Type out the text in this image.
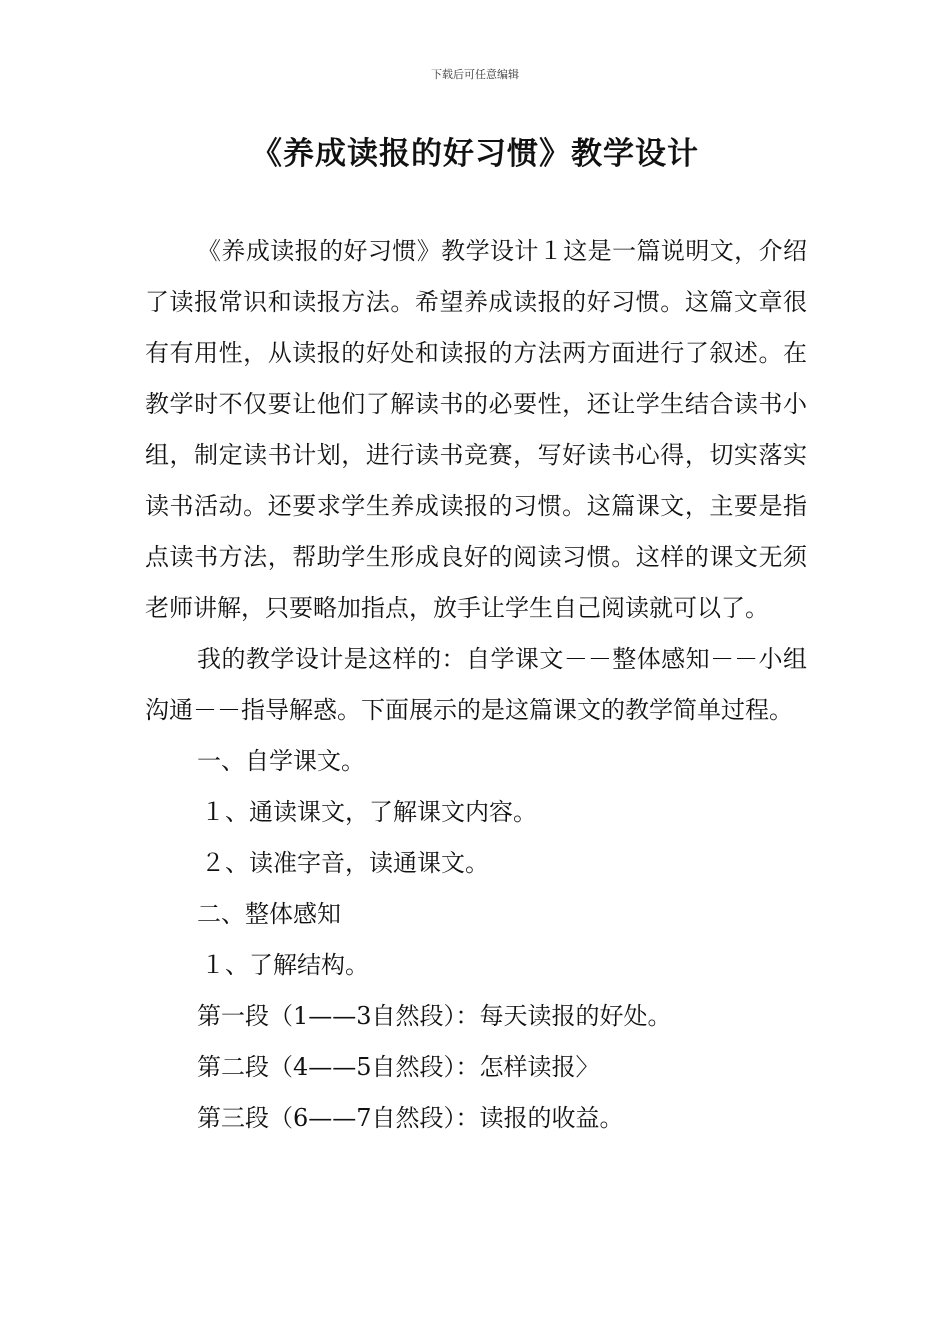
下载后可任意编辑
《养成读报的好习惯》教学设计

《养成读报的好习惯》教学设计１这是一篇说明文，介绍了读报常识和读报方法。希望养成读报的好习惯。这篇文章很有有用性，从读报的好处和读报的方法两方面进行了叙述。在教学时不仅要让他们了解读书的必要性，还让学生结合读书小组，制定读书计划，进行读书竞赛，写好读书心得，切实落实读书活动。还要求学生养成读报的习惯。这篇课文，主要是指点读书方法，帮助学生形成良好的阅读习惯。这样的课文无须老师讲解，只要略加指点，放手让学生自己阅读就可以了。

我的教学设计是这样的：自学课文－－整体感知－－小组沟通－－指导解惑。下面展示的是这篇课文的教学简单过程。

一、自学课文。

１、通读课文，了解课文内容。

２、读准字音，读通课文。

二、整体感知

１、了解结构。

第一段（1——3自然段）：每天读报的好处。

第二段（4——5自然段）：怎样读报〉

第三段（6——7自然段）：读报的收益。
